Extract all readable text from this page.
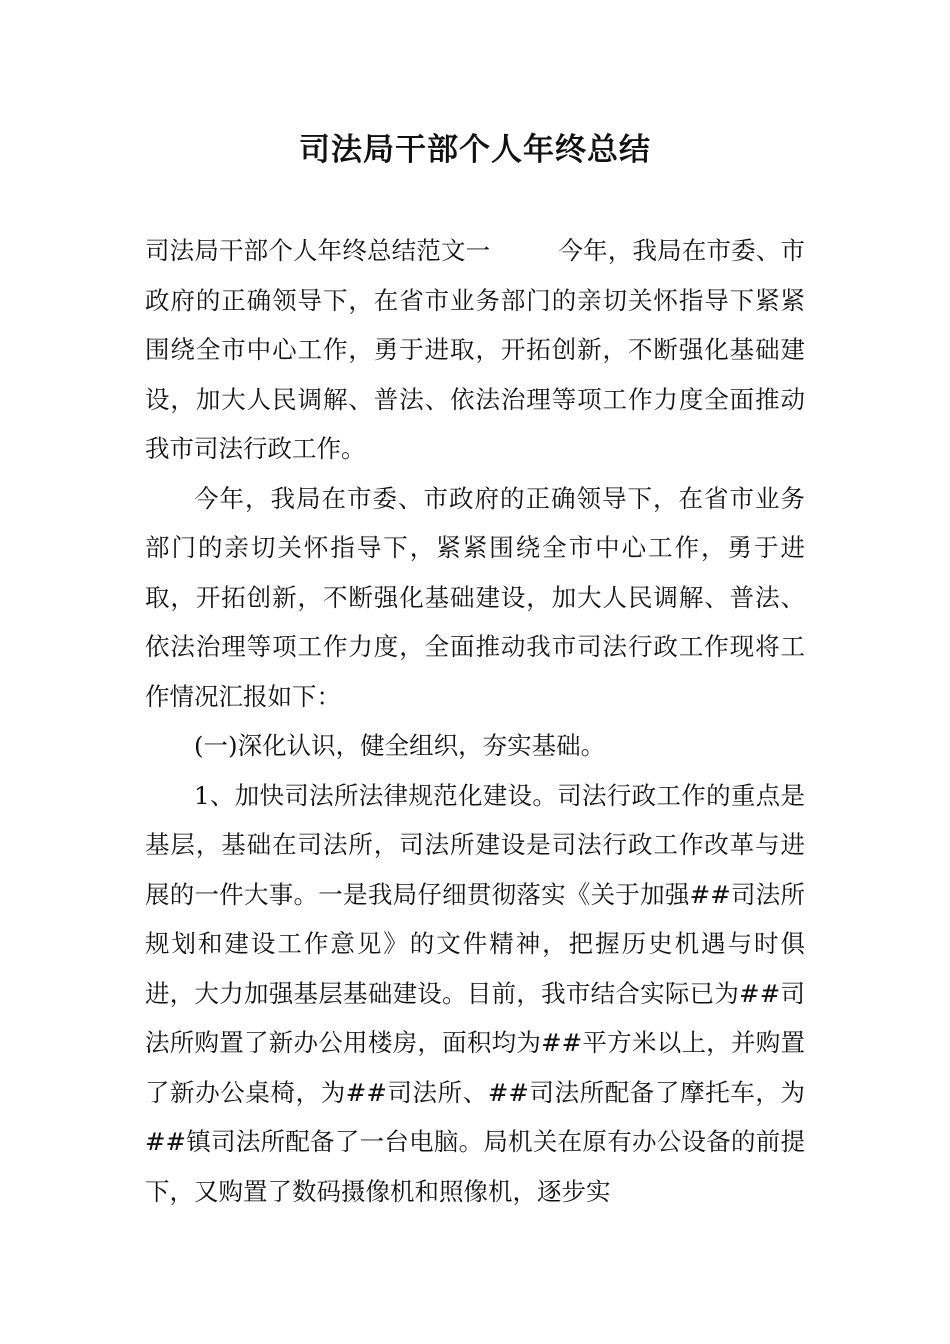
司法局干部个人年终总结

司法局干部个人年终总结范文一	今年，我局在市委、市政府的正确领导下，在省市业务部门的亲切关怀指导下紧紧围绕全市中心工作，勇于进取，开拓创新，不断强化基础建设，加大人民调解、普法、依法治理等项工作力度全面推动我市司法行政工作。

今年，我局在市委、市政府的正确领导下，在省市业务部门的亲切关怀指导下，紧紧围绕全市中心工作，勇于进取，开拓创新，不断强化基础建设，加大人民调解、普法、依法治理等项工作力度，全面推动我市司法行政工作现将工作情况汇报如下：

(一)深化认识，健全组织，夯实基础。

1、加快司法所法律规范化建设。司法行政工作的重点是基层，基础在司法所，司法所建设是司法行政工作改革与进展的一件大事。一是我局仔细贯彻落实《关于加强##司法所规划和建设工作意见》的文件精神，把握历史机遇与时俱进，大力加强基层基础建设。目前，我市结合实际已为##司法所购置了新办公用楼房，面积均为##平方米以上，并购置了新办公桌椅，为##司法所、##司法所配备了摩托车，为##镇司法所配备了一台电脑。局机关在原有办公设备的前提下，又购置了数码摄像机和照像机，逐步实
